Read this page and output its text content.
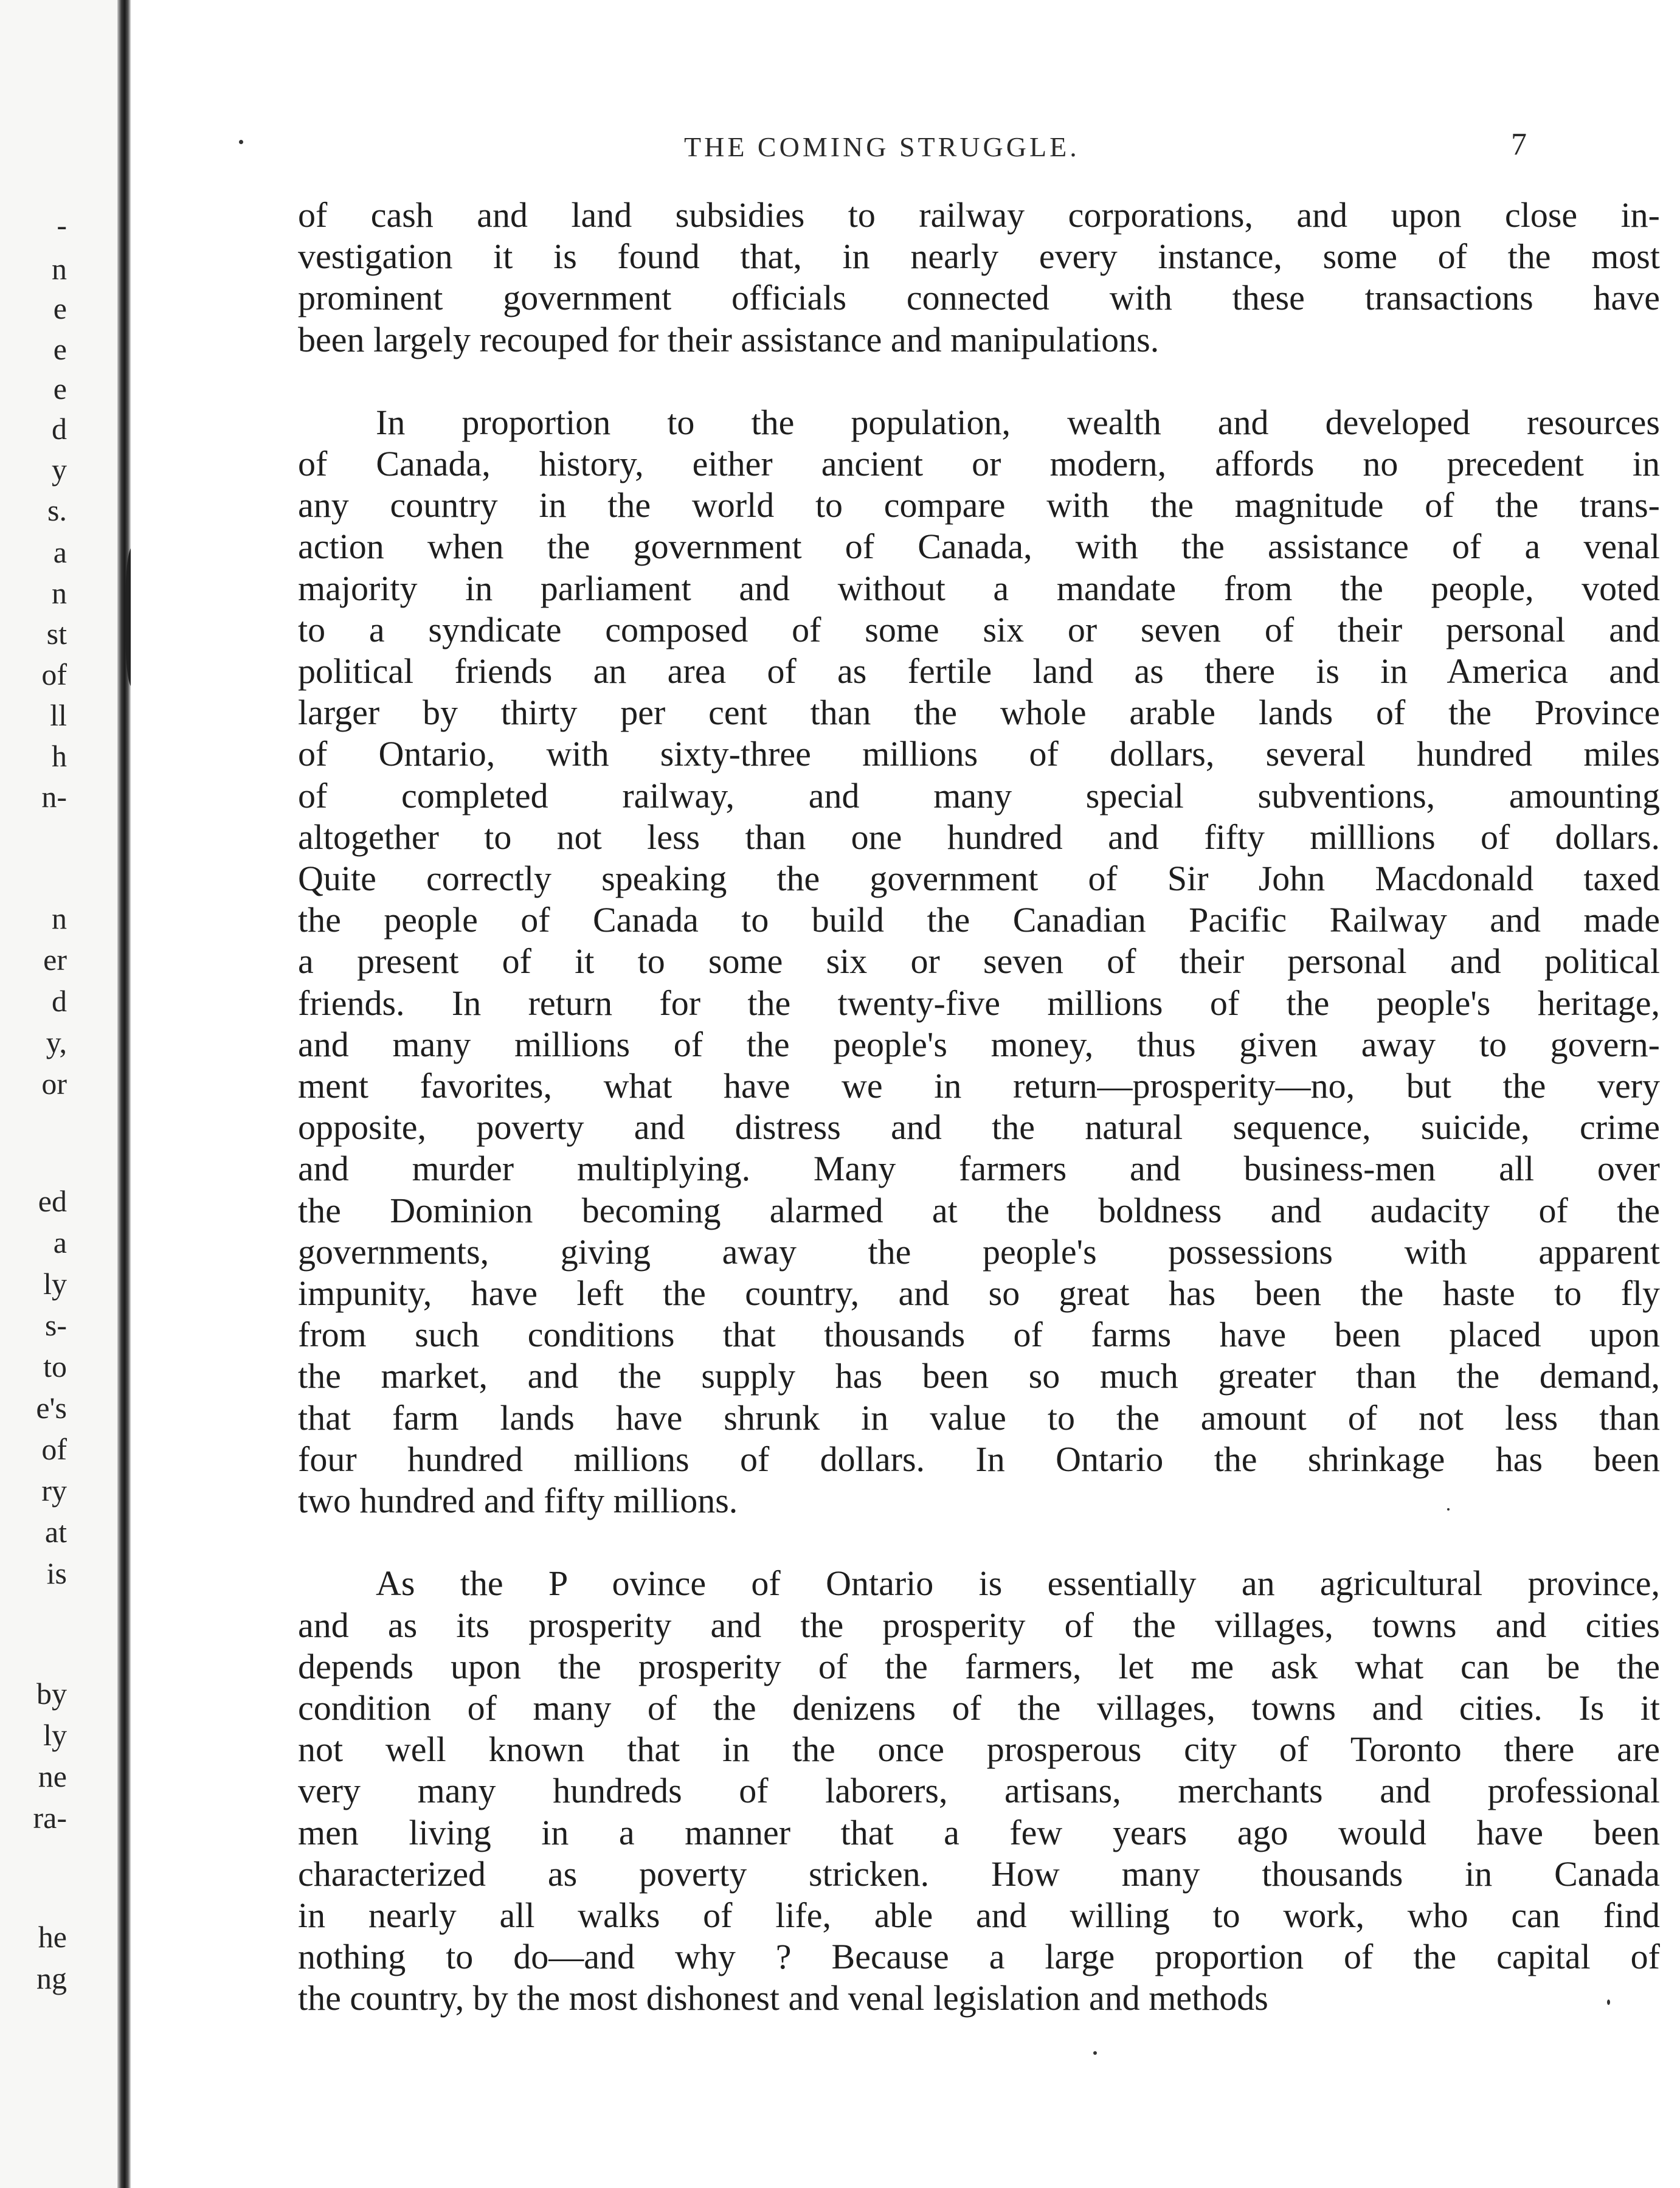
-
n
e
e
e
d
y
s.
a
n
st
of
ll
h
n-
n
er
d
y,
or
ed
a
ly
s-
to
e's
of
ry
at
is
by
ly
ne
ra-
he
ng
THE COMING STRUGGLE.	7
of cash and land subsidies to railway corporations, and upon close in-
vestigation it is found that, in nearly every instance, some of the most
prominent government officials connected with these transactions have
been largely recouped for their assistance and manipulations.
In proportion to the population, wealth and developed resources
of Canada, history, either ancient or modern, affords no precedent in
any country in the world to compare with the magnitude of the trans-
action when the government of Canada, with the assistance of a venal
majority in parliament and without a mandate from the people, voted
to a syndicate composed of some six or seven of their personal and
political friends an area of as fertile land as there is in America and
larger by thirty per cent than the whole arable lands of the Province
of Ontario, with sixty-three millions of dollars, several hundred miles
of completed railway, and many special subventions, amounting
altogether to not less than one hundred and fifty milllions of dollars.
Quite correctly speaking the government of Sir John Macdonald taxed
the people of Canada to build the Canadian Pacific Railway and made
a present of it to some six or seven of their personal and political
friends. In return for the twenty-five millions of the people's heritage,
and many millions of the people's money, thus given away to govern-
ment favorites, what have we in return—prosperity—no, but the very
opposite, poverty and distress and the natural sequence, suicide, crime
and murder multiplying. Many farmers and business-men all over
the Dominion becoming alarmed at the boldness and audacity of the
governments, giving away the people's possessions with apparent
impunity, have left the country, and so great has been the haste to fly
from such conditions that thousands of farms have been placed upon
the market, and the supply has been so much greater than the demand,
that farm lands have shrunk in value to the amount of not less than
four hundred millions of dollars. In Ontario the shrinkage has been
two hundred and fifty millions.
As the P ovince of Ontario is essentially an agricultural province,
and as its prosperity and the prosperity of the villages, towns and cities
depends upon the prosperity of the farmers, let me ask what can be the
condition of many of the denizens of the villages, towns and cities. Is it
not well known that in the once prosperous city of Toronto there are
very many hundreds of laborers, artisans, merchants and professional
men living in a manner that a few years ago would have been
characterized as poverty stricken. How many thousands in Canada
in nearly all walks of life, able and willing to work, who can find
nothing to do—and why ? Because a large proportion of the capital of
the country, by the most dishonest and venal legislation and methods
